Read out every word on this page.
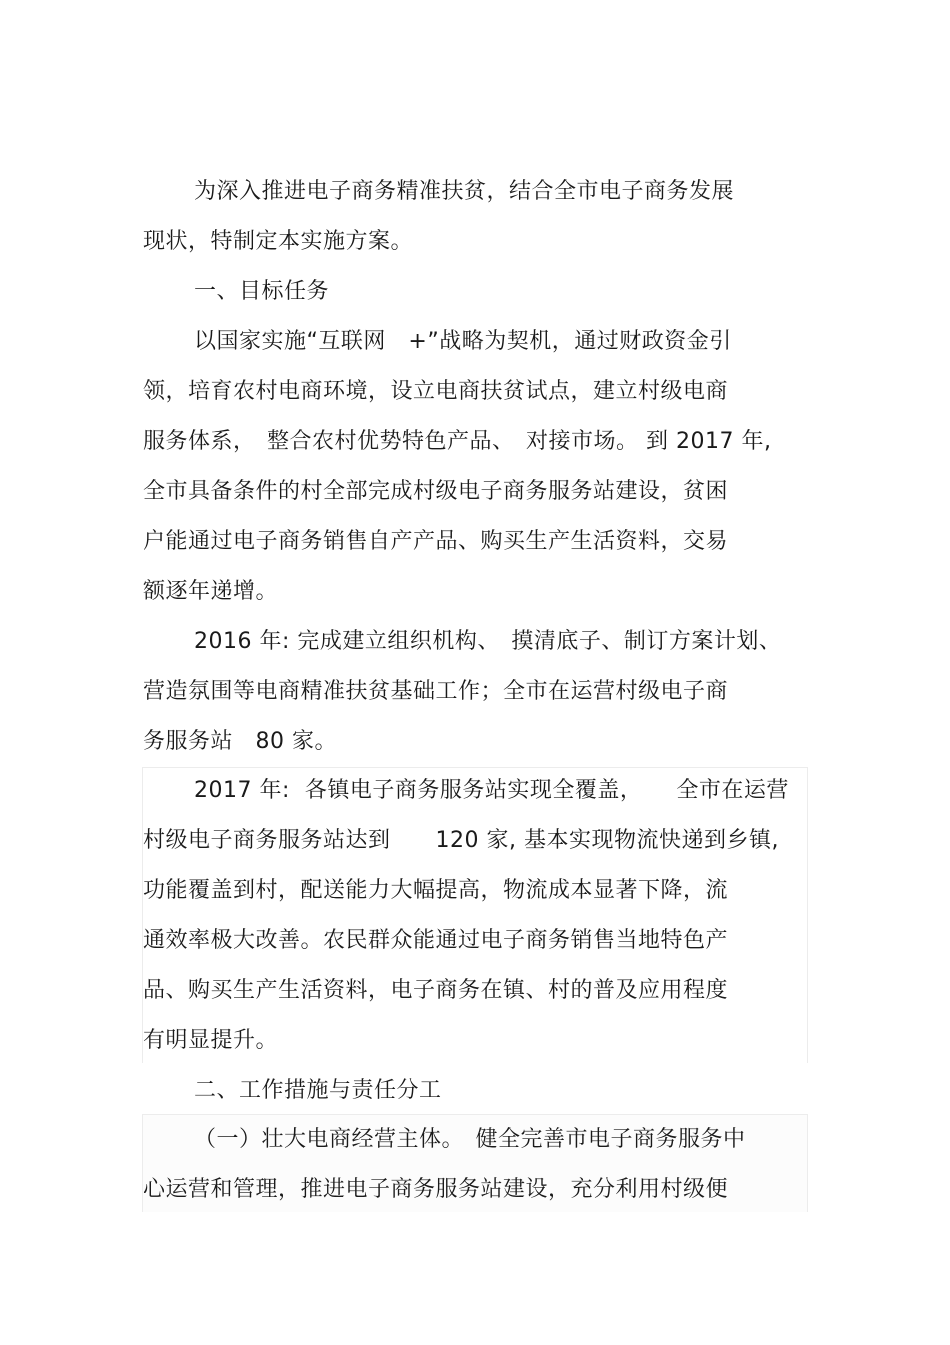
为深入推进电子商务精准扶贫，结合全市电子商务发展
现状，特制定本实施方案。
一、目标任务
以国家实施“互联网　+”战略为契机，通过财政资金引
领，培育农村电商环境，设立电商扶贫试点，建立村级电商
服务体系，　整合农村优势特色产品、　对接市场。 到 2017 年,
全市具备条件的村全部完成村级电子商务服务站建设，贫困
户能通过电子商务销售自产产品、购买生产生活资料，交易
额逐年递增。
2016 年: 完成建立组织机构、　摸清底子、制订方案计划、
营造氛围等电商精准扶贫基础工作；全市在运营村级电子商
务服务站　80 家。
2017 年:  各镇电子商务服务站实现全覆盖，　　全市在运营
村级电子商务服务站达到　　120 家, 基本实现物流快递到乡镇,
功能覆盖到村，配送能力大幅提高，物流成本显著下降，流
通效率极大改善。农民群众能通过电子商务销售当地特色产
品、购买生产生活资料，电子商务在镇、村的普及应用程度
有明显提升。
二、工作措施与责任分工
（一）壮大电商经营主体。　健全完善市电子商务服务中
心运营和管理，推进电子商务服务站建设，充分利用村级便
